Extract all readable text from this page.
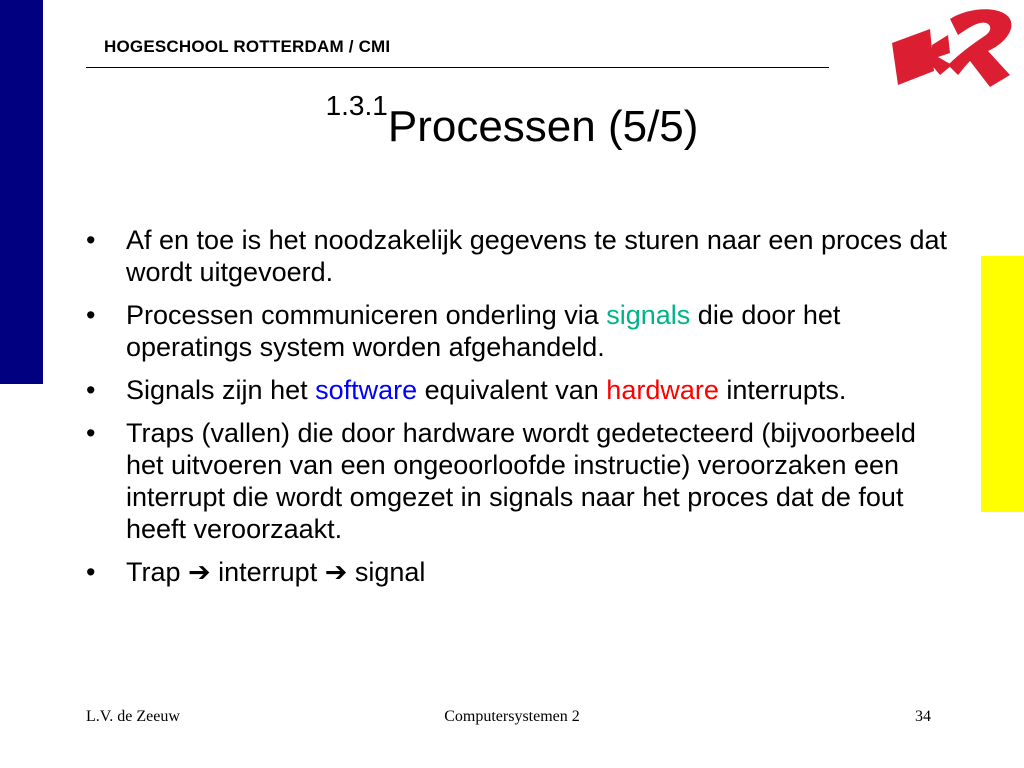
HOGESCHOOL ROTTERDAM / CMI
1.3.1Processen (5/5)
• Af en toe is het noodzakelijk gegevens te sturen naar een proces dat wordt uitgevoerd.
• Processen communiceren onderling via signals die door het operatings system worden afgehandeld.
• Signals zijn het software equivalent van hardware interrupts.
• Traps (vallen) die door hardware wordt gedetecteerd (bijvoorbeeld het uitvoeren van een ongeoorloofde instructie) veroorzaken een interrupt die wordt omgezet in signals naar het proces dat de fout heeft veroorzaakt.
• Trap ➔ interrupt ➔ signal
L.V. de Zeeuw	Computersystemen 2	34
